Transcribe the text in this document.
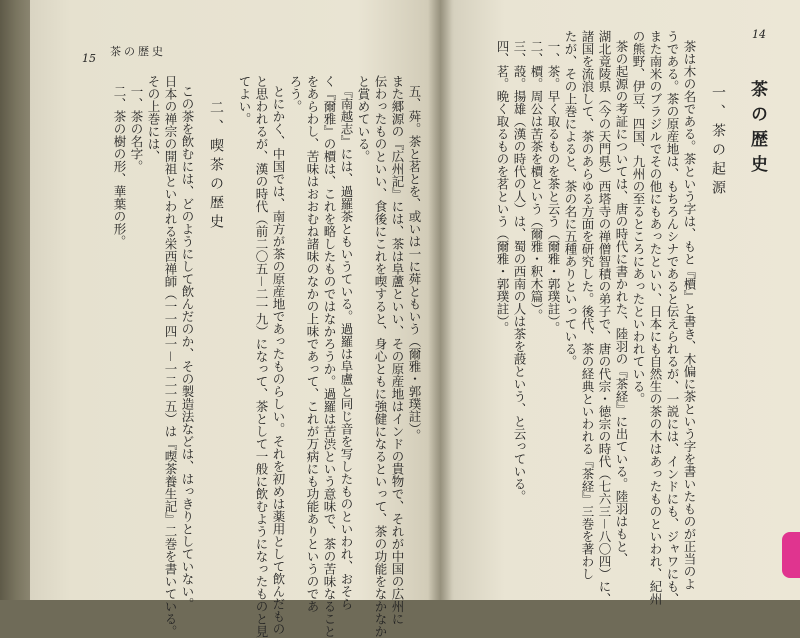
15
茶の歴史
五、荈。茶と茗とを、或いは一に荈ともいう（爾雅・郭璞註）。
また郷源の『広州記』には、茶は阜蘆といい、その原産地はインドの貴物で、それが中国の広州に
伝わったものといい、食後にこれを喫すると、身心ともに強健になるといって、茶の功能をなかなか
と賞めている。
『南越志』には、過羅茶ともいうている。過羅は阜盧と同じ音を写したものといわれ、おそら
く『爾雅』の檟は、これを略したものではなかろうか。過羅は苦渋という意味で、茶の苦味なること
をあらわし、苦味はおおむね諸味のなかの上味であって、これが万病にも功能ありというのであ
ろう。
とにかく、中国では、南方が茶の原産地であったものらしい。それを初めは薬用として飲んだもの
と思われるが、漢の時代（前二〇五－二一九）になって、茶として一般に飲むようになったものと見
てよい。
二、喫茶の歴史
この茶を飲むには、どのようにして飲んだのか、その製造法などは、はっきりとしていない。
日本の禅宗の開祖といわれる栄西禅師（一一四一－一二一五）は『喫茶養生記』二巻を書いている。
その上巻には、
一、茶の名字。
二、茶の樹の形、華葉の形。
14
茶の歴史
一、茶の起源
茶は木の名である。茶という字は、もと『檟』と書き、木偏に茶という字を書いたものが正当のよ
うである。茶の原産地は、もちろんシナであると伝えられるが、一説には、インドにも、ジャワにも、
また南米のブラジルでその他にもあったといい、日本にも自然生の茶の木はあったものといわれ、紀州
の熊野、伊豆、四国、九州の至るところにあったといわれている。
茶の起源の考証については、唐の時代に書かれた、陸羽の『茶経』に出ている。陸羽はもと、
湖北竟陵県（今の天門県）西塔寺の禅僧智積の弟子で、唐の代宗・徳宗の時代（七六三－八〇四）に、
諸国を流浪して、茶のあらゆる方面を研究した。後代、茶の経典といわれる『茶経』三巻を著わし
たが、その上巻によると、茶の名に五種ありといっている。
一、茶。早く取るものを茶と云う（爾雅・郭璞註）。
二、檟。周公は苦茶を檟という（爾雅・釈木篇）。
三、蔎。揚雄（漢の時代の人）は、蜀の西南の人は茶を蔎という、と云っている。
四、茗。晩く取るものを茗という（爾雅・郭璞註）。
